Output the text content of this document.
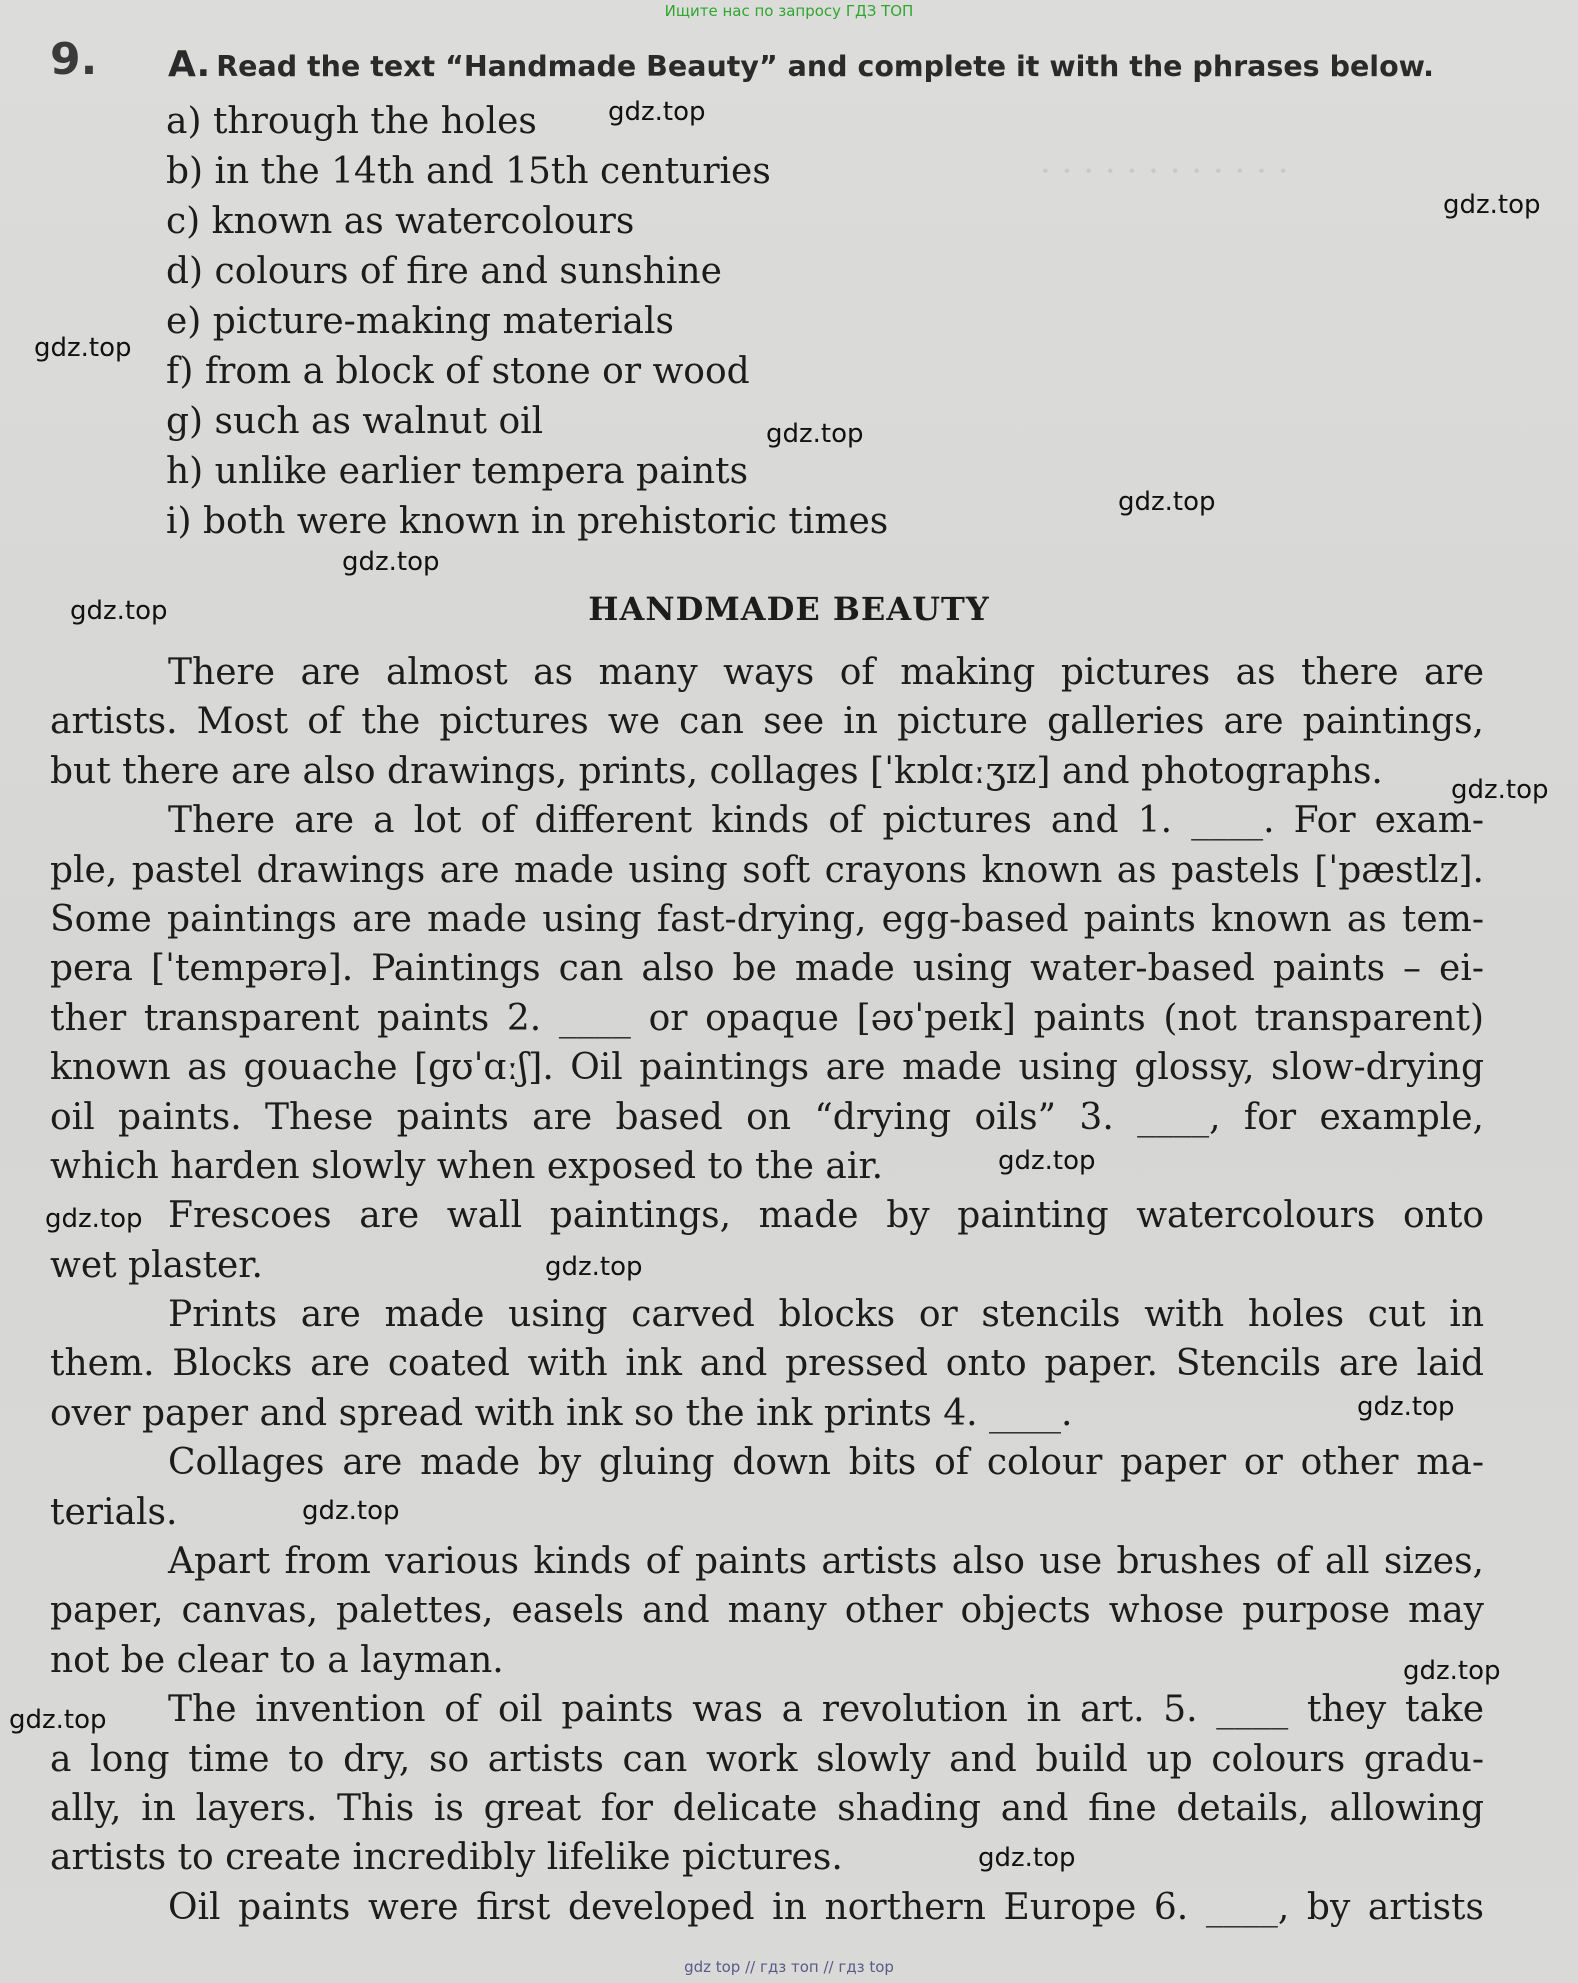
· · · · · · · · · · · ·
Ищите нас по запросу ГДЗ ТОП
9. A. Read the text “Handmade Beauty” and complete it with the phrases below.
a) through the holes
b) in the 14th and 15th centuries
c) known as watercolours
d) colours of fire and sunshine
e) picture-making materials
f) from a block of stone or wood
g) such as walnut oil
h) unlike earlier tempera paints
i) both were known in prehistoric times
HANDMADE BEAUTY
There are almost as many ways of making pictures as there are
artists. Most of the pictures we can see in picture galleries are paintings,
but there are also drawings, prints, collages [ˈkɒlɑːʒɪz] and photographs.
There are a lot of different kinds of pictures and 1. ____. For exam-
ple, pastel drawings are made using soft crayons known as pastels [ˈpæstlz].
Some paintings are made using fast-drying, egg-based paints known as tem-
pera [ˈtempərə]. Paintings can also be made using water-based paints – ei-
ther transparent paints 2. ____ or opaque [əʊˈpeɪk] paints (not transparent)
known as gouache [gʊˈɑːʃ]. Oil paintings are made using glossy, slow-drying
oil paints. These paints are based on “drying oils” 3. ____, for example,
which harden slowly when exposed to the air.
Frescoes are wall paintings, made by painting watercolours onto
wet plaster.
Prints are made using carved blocks or stencils with holes cut in
them. Blocks are coated with ink and pressed onto paper. Stencils are laid
over paper and spread with ink so the ink prints 4. ____.
Collages are made by gluing down bits of colour paper or other ma-
terials.
Apart from various kinds of paints artists also use brushes of all sizes,
paper, canvas, palettes, easels and many other objects whose purpose may
not be clear to a layman.
The invention of oil paints was a revolution in art. 5. ____ they take
a long time to dry, so artists can work slowly and build up colours gradu-
ally, in layers. This is great for delicate shading and fine details, allowing
artists to create incredibly lifelike pictures.
Oil paints were first developed in northern Europe 6. ____, by artists
gdz.top
gdz.top
gdz.top
gdz.top
gdz.top
gdz.top
gdz.top
gdz.top
gdz.top
gdz.top
gdz.top
gdz.top
gdz.top
gdz.top
gdz.top
gdz.top
gdz top // гдз топ // гдз top
